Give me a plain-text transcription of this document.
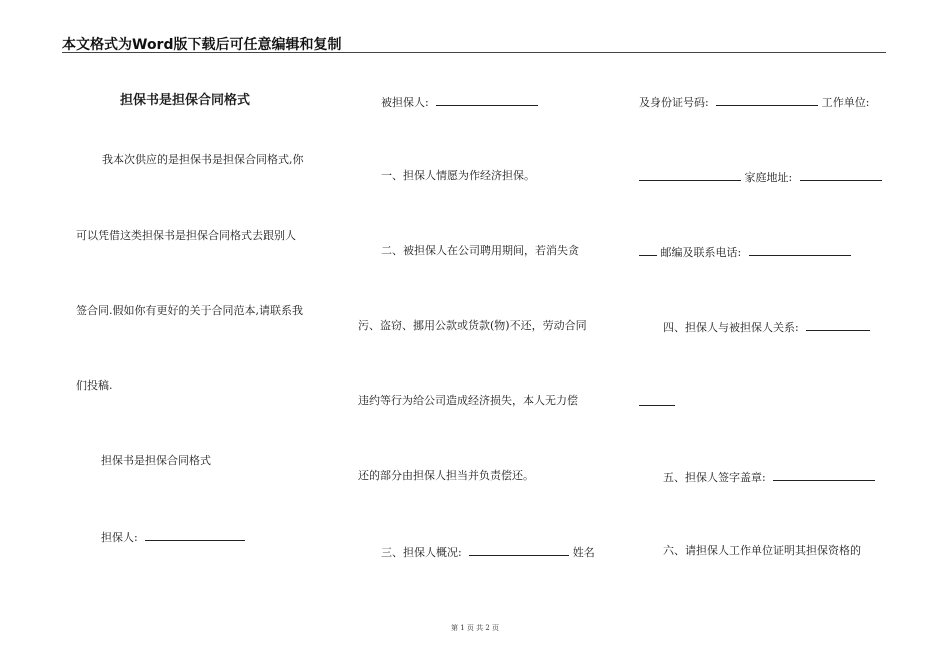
本文格式为Word版下载后可任意编辑和复制
担保书是担保合同格式
我本次供应的是担保书是担保合同格式,你
可以凭借这类担保书是担保合同格式去跟别人
签合同.假如你有更好的关于合同范本,请联系我
们投稿.
担保书是担保合同格式
担保人:
被担保人:
一、担保人情愿为作经济担保。
二、被担保人在公司聘用期间，若消失贪
污、盗窃、挪用公款或货款(物)不还，劳动合同
违约等行为给公司造成经济损失，本人无力偿
还的部分由担保人担当并负责偿还。
三、担保人概况:	姓名
及身份证号码:	工作单位:
家庭地址:
邮编及联系电话:
四、担保人与被担保人关系:
五、担保人签字盖章:
六、请担保人工作单位证明其担保资格的
第 1 页 共 2 页
